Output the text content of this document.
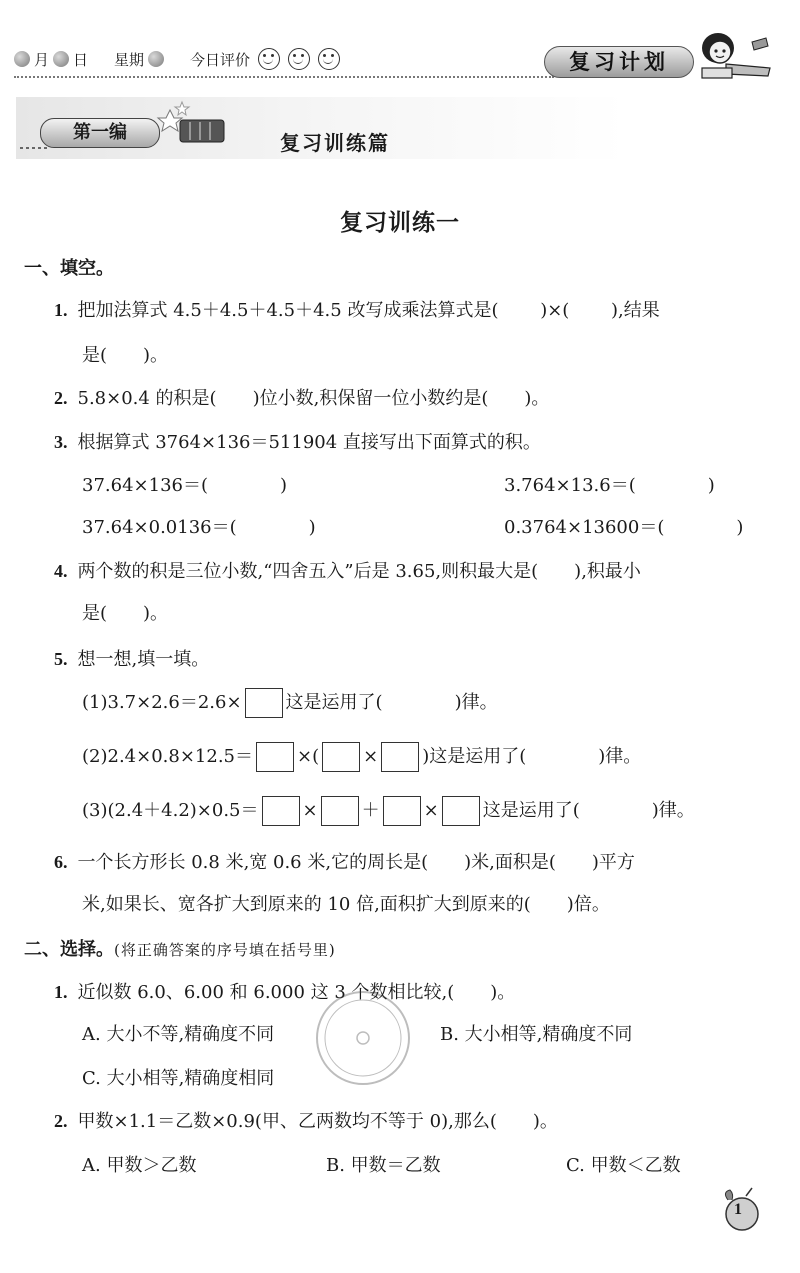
月 日 星期	今日评价	复习计划
第一编	复习训练篇
复习训练一
一、填空。
1. 把加法算式 4.5＋4.5＋4.5＋4.5 改写成乘法算式是(　　 )×(　　 ),结果
是(　　)。
2. 5.8×0.4 的积是(　　)位小数,积保留一位小数约是(　　)。
3. 根据算式 3764×136＝511904 直接写出下面算式的积。
37.64×136＝(　　　　)	3.764×13.6＝(　　　　)
37.64×0.0136＝(　　　　)	0.3764×13600＝(　　　　)
4. 两个数的积是三位小数,“四舍五入”后是 3.65,则积最大是(　　),积最小
是(　　)。
5. 想一想,填一填。
(1)3.7×2.6＝2.6× 这是运用了(　　　　)律。
(2)2.4×0.8×12.5＝ ×( × )这是运用了(　　　　)律。
(3)(2.4＋4.2)×0.5＝ × ＋ × 这是运用了(　　　　)律。
6. 一个长方形长 0.8 米,宽 0.6 米,它的周长是(　　)米,面积是(　　)平方
米,如果长、宽各扩大到原来的 10 倍,面积扩大到原来的(　　)倍。
二、选择。(将正确答案的序号填在括号里)
1. 近似数 6.0、6.00 和 6.000 这 3 个数相比较,(　　)。
A. 大小不等,精确度不同	B. 大小相等,精确度不同
C. 大小相等,精确度相同
2. 甲数×1.1＝乙数×0.9(甲、乙两数均不等于 0),那么(　　)。
A. 甲数＞乙数	B. 甲数＝乙数	C. 甲数＜乙数
1
